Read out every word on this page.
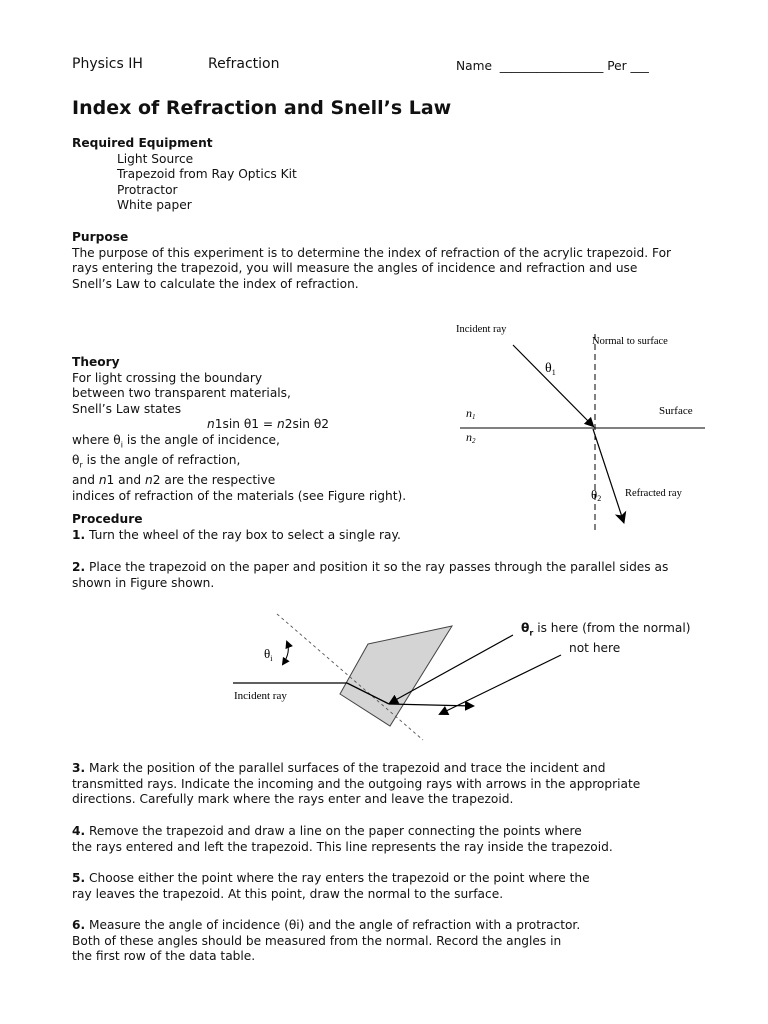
Physics IH	Refraction	Name _________________ Per ___
Index of Refraction and Snell’s Law
Required Equipment
Light Source
Trapezoid from Ray Optics Kit
Protractor
White paper
Purpose
The purpose of this experiment is to determine the index of refraction of the acrylic trapezoid. For
rays entering the trapezoid, you will measure the angles of incidence and refraction and use
Snell’s Law to calculate the index of refraction.
Theory
For light crossing the boundary
between two transparent materials,
Snell’s Law states
n1sin θ1 = n2sin θ2
where $\theta_i$ is the angle of incidence,
$\theta_r$ is the angle of refraction,
and n1 and n2 are the respective
indices of refraction of the materials (see Figure right).
Incident ray
Normal to surface
$\theta_1$
Surface
n1
n2
θ2 Refracted ray
Procedure
1. Turn the wheel of the ray box to select a single ray.
2. Place the trapezoid on the paper and position it so the ray passes through the parallel sides as
shown in Figure shown.
$\theta_i$
Incident ray
$\theta_r$ is here (from the normal)
not here
3. Mark the position of the parallel surfaces of the trapezoid and trace the incident and
transmitted rays. Indicate the incoming and the outgoing rays with arrows in the appropriate
directions. Carefully mark where the rays enter and leave the trapezoid.
4. Remove the trapezoid and draw a line on the paper connecting the points where
the rays entered and left the trapezoid. This line represents the ray inside the trapezoid.
5. Choose either the point where the ray enters the trapezoid or the point where the
ray leaves the trapezoid. At this point, draw the normal to the surface.
6. Measure the angle of incidence (θi) and the angle of refraction with a protractor.
Both of these angles should be measured from the normal. Record the angles in
the first row of the data table.
